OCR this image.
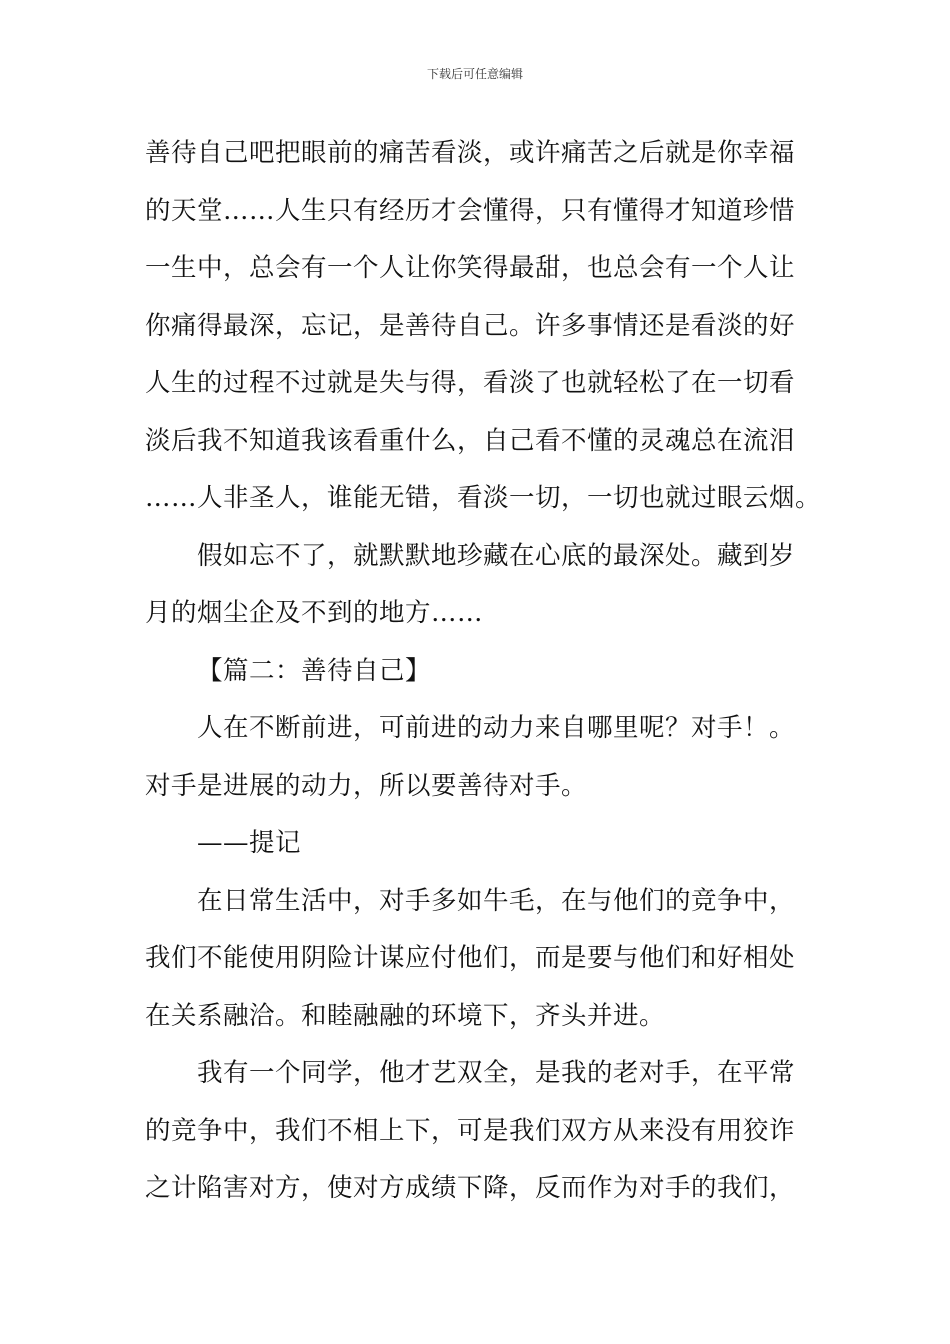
下载后可任意编辑
善待自己吧把眼前的痛苦看淡，或许痛苦之后就是你幸福
的天堂……人生只有经历才会懂得，只有懂得才知道珍惜
一生中，总会有一个人让你笑得最甜，也总会有一个人让
你痛得最深，忘记，是善待自己。许多事情还是看淡的好
人生的过程不过就是失与得，看淡了也就轻松了在一切看
淡后我不知道我该看重什么，自己看不懂的灵魂总在流泪
……人非圣人，谁能无错，看淡一切，一切也就过眼云烟。
假如忘不了，就默默地珍藏在心底的最深处。藏到岁
月的烟尘企及不到的地方……
【篇二：善待自己】
人在不断前进，可前进的动力来自哪里呢？对手！。
对手是进展的动力，所以要善待对手。
——提记
在日常生活中，对手多如牛毛，在与他们的竞争中，
我们不能使用阴险计谋应付他们，而是要与他们和好相处
在关系融洽。和睦融融的环境下，齐头并进。
我有一个同学，他才艺双全，是我的老对手，在平常
的竞争中，我们不相上下，可是我们双方从来没有用狡诈
之计陷害对方，使对方成绩下降，反而作为对手的我们，
